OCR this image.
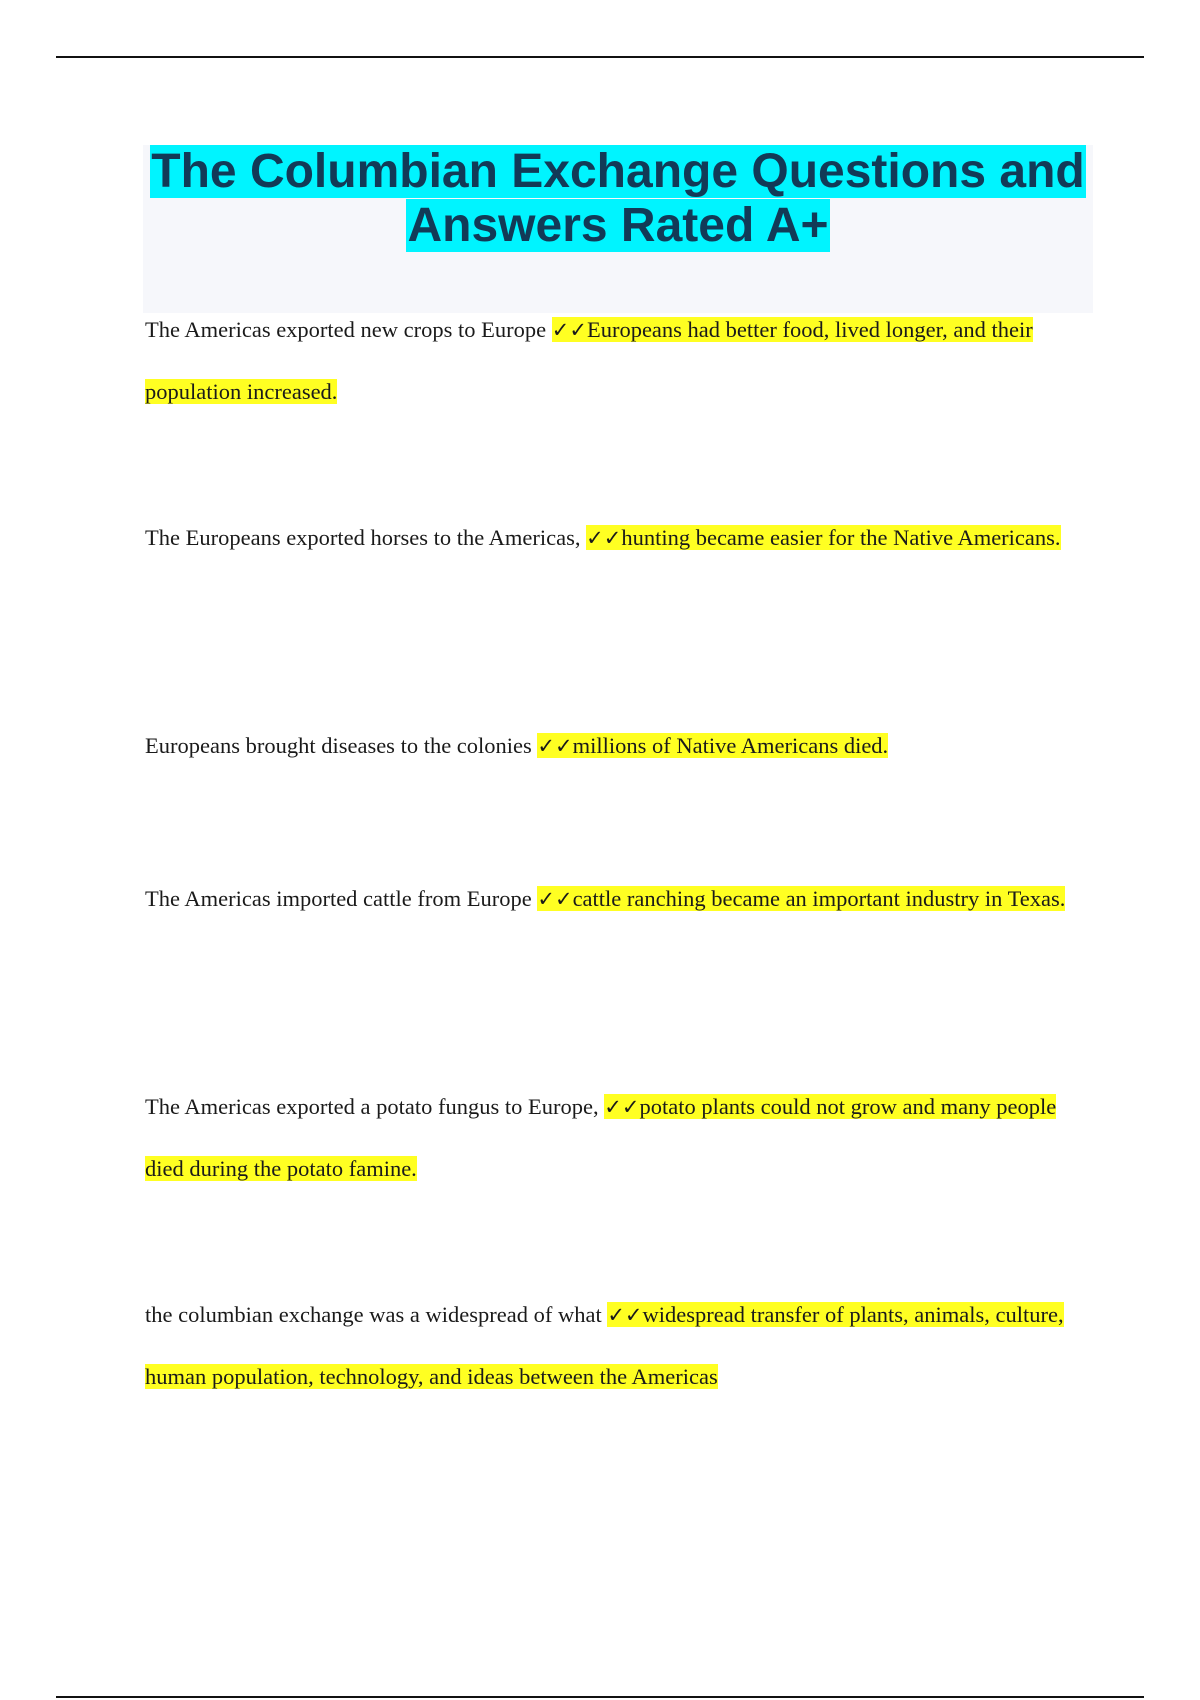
The Columbian Exchange Questions and
Answers Rated A+

The Americas exported new crops to Europe ✓✓Europeans had better food, lived longer, and their population increased.

The Europeans exported horses to the Americas, ✓✓hunting became easier for the Native Americans.

Europeans brought diseases to the colonies ✓✓millions of Native Americans died.

The Americas imported cattle from Europe ✓✓cattle ranching became an important industry in Texas.

The Americas exported a potato fungus to Europe, ✓✓potato plants could not grow and many people died during the potato famine.

the columbian exchange was a widespread of what ✓✓widespread transfer of plants, animals, culture, human population, technology, and ideas between the Americas
